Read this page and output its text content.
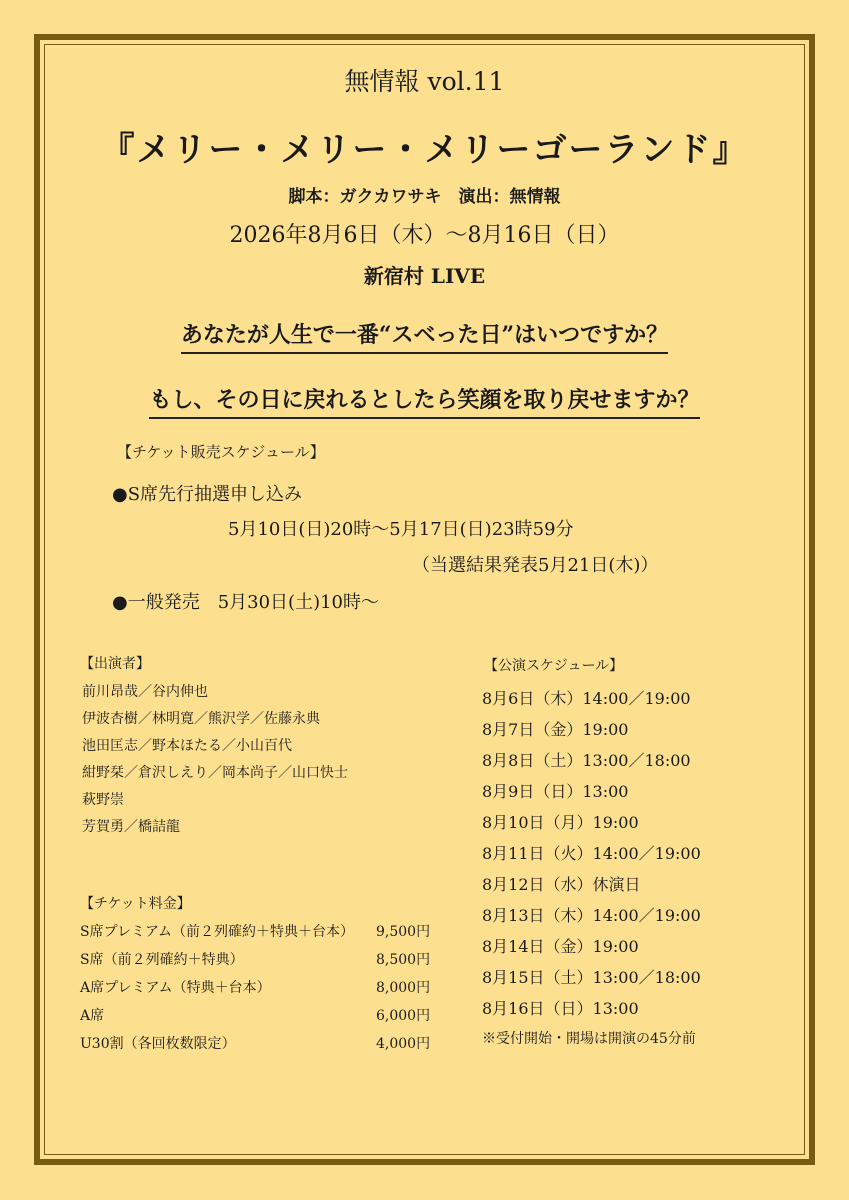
無情報 vol.11
『メリー・メリー・メリーゴーランド』
脚本：ガクカワサキ　演出：無情報
2026年8月6日（木）～8月16日（日）
新宿村 LIVE
あなたが人生で一番“スベった日”はいつですか？
もし、その日に戻れるとしたら笑顔を取り戻せますか？
【チケット販売スケジュール】
●S席先行抽選申し込み
5月10日(日)20時～5月17日(日)23時59分
（当選結果発表5月21日(木)）
●一般発売　5月30日(土)10時～
【出演者】
前川昂哉／谷内伸也
伊波杏樹／林明寛／熊沢学／佐藤永典
池田匡志／野本ほたる／小山百代
紺野栞／倉沢しえり／岡本尚子／山口快士
萩野崇
芳賀勇／橋詰龍
【チケット料金】
S席プレミアム（前２列確約＋特典＋台本） 9,500円
S席（前２列確約＋特典）	8,500円
A席プレミアム（特典＋台本）	8,000円
A席	6,000円
U30割（各回枚数限定）	4,000円
【公演スケジュール】
8月6日（木）14:00／19:00
8月7日（金）19:00
8月8日（土）13:00／18:00
8月9日（日）13:00
8月10日（月）19:00
8月11日（火）14:00／19:00
8月12日（水）休演日
8月13日（木）14:00／19:00
8月14日（金）19:00
8月15日（土）13:00／18:00
8月16日（日）13:00
※受付開始・開場は開演の45分前
